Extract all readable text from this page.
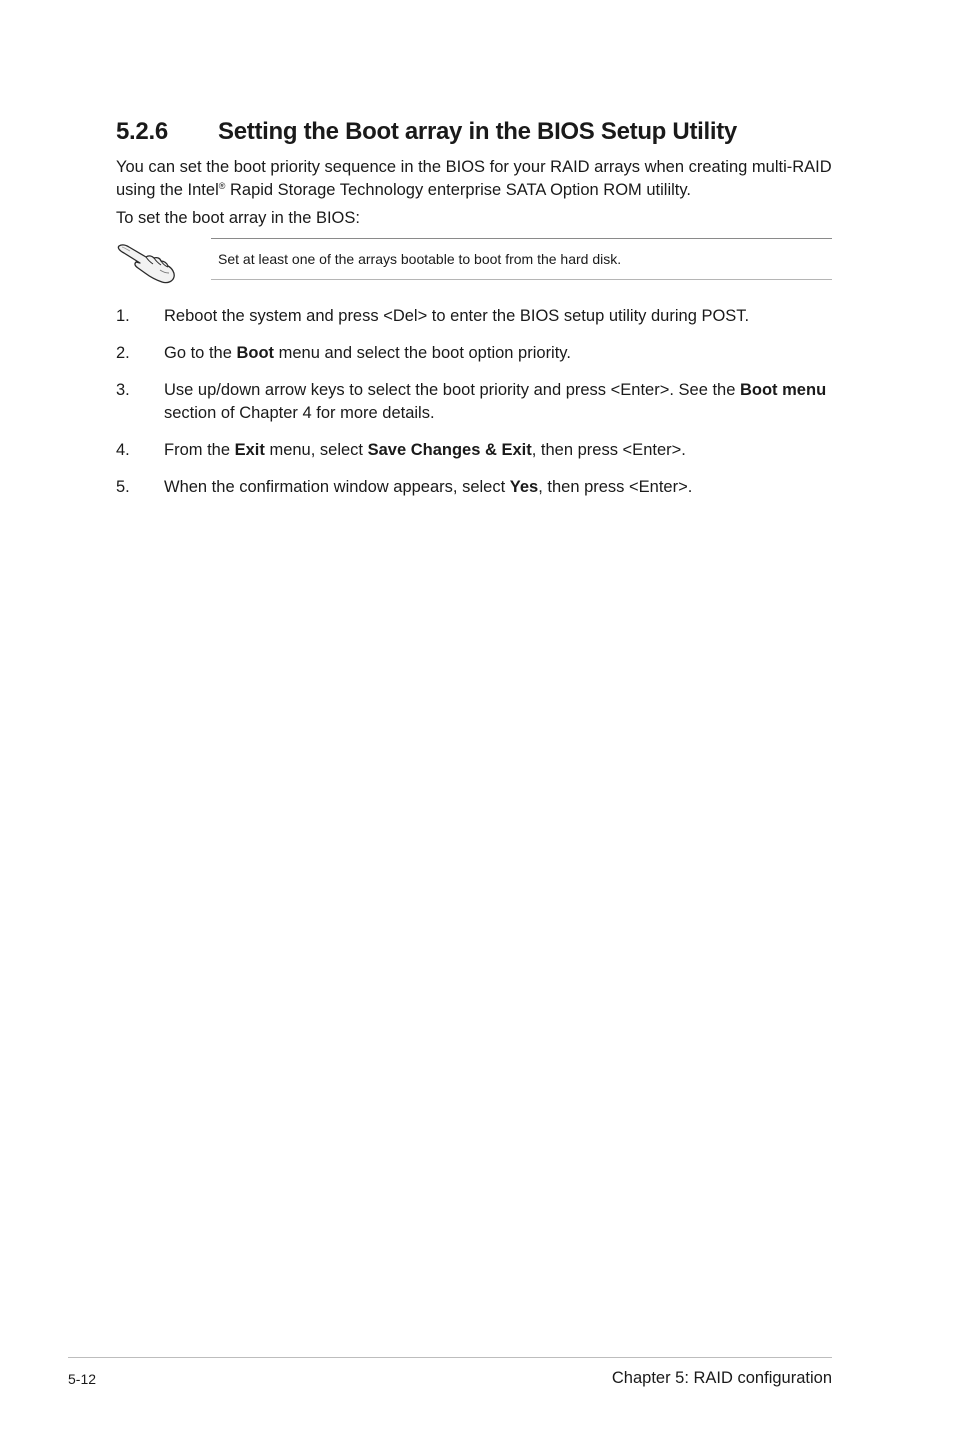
5.2.6 Setting the Boot array in the BIOS Setup Utility
You can set the boot priority sequence in the BIOS for your RAID arrays when creating multi-RAID using the Intel® Rapid Storage Technology enterprise SATA Option ROM utililty.
To set the boot array in the BIOS:
Set at least one of the arrays bootable to boot from the hard disk.
1.	Reboot the system and press <Del> to enter the BIOS setup utility during POST.
2.	Go to the Boot menu and select the boot option priority.
3.	Use up/down arrow keys to select the boot priority and press <Enter>. See the Boot menu section of Chapter 4 for more details.
4.	From the Exit menu, select Save Changes & Exit, then press <Enter>.
5.	When the confirmation window appears, select Yes, then press <Enter>.
5-12	Chapter 5: RAID configuration
